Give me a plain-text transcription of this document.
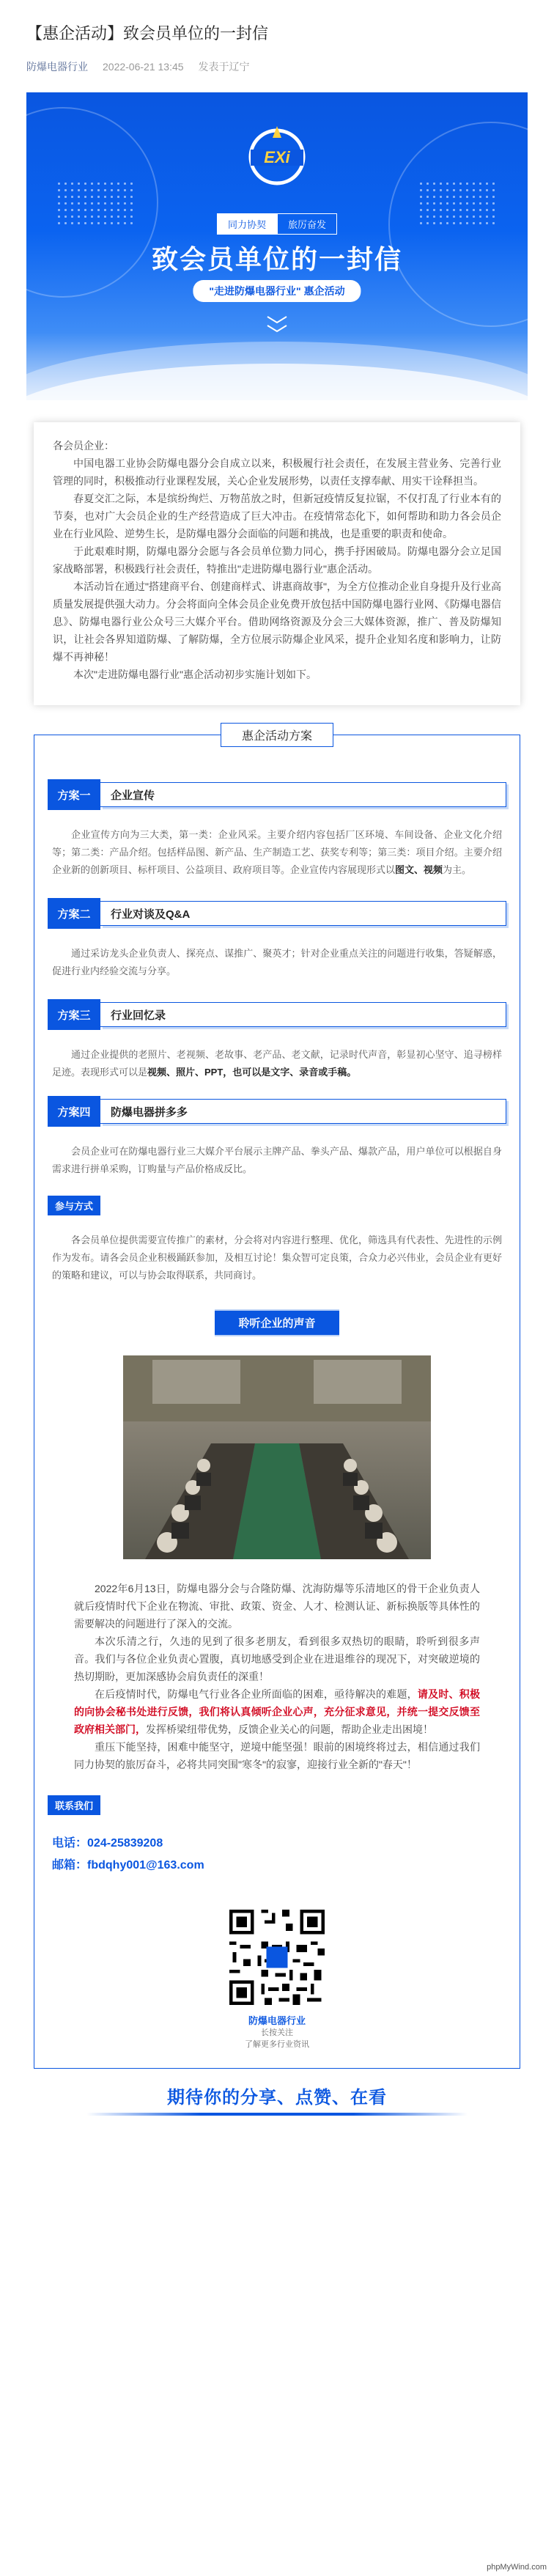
【惠企活动】致会员单位的一封信
防爆电器行业 2022-06-21 13:45 发表于辽宁
EXi
同力协契	旅厉奋发
致会员单位的一封信
"走进防爆电器行业" 惠企活动

各会员企业：

中国电器工业协会防爆电器分会自成立以来，积极履行社会责任，在发展主营业务、完善行业管理的同时，积极推动行业课程发展，关心企业发展形势，以责任支撑奉献、用实干诠释担当。

春夏交汇之际，本是缤纷绚烂、万物茁放之时，但新冠疫情反复拉锯，不仅打乱了行业本有的节奏，也对广大会员企业的生产经营造成了巨大冲击。在疫情常态化下，如何帮助和助力各会员企业在行业风险、逆势生长，是防爆电器分会面临的问题和挑战，也是重要的职责和使命。

于此艰难时期，防爆电器分会愿与各会员单位勠力同心，携手抒困破局。防爆电器分会立足国家战略部署，积极践行社会责任，特推出"走进防爆电器行业"惠企活动。

本活动旨在通过"搭建商平台、创建商样式、讲惠商故事"，为全方位推动企业自身提升及行业高质量发展提供强大动力。分会将面向全体会员企业免费开放包括中国防爆电器行业网、《防爆电器信息》、防爆电器行业公众号三大媒介平台。借助网络资源及分会三大媒体资源，推广、普及防爆知识，让社会各界知道防爆、了解防爆，全方位展示防爆企业风采，提升企业知名度和影响力，让防爆不再神秘！

本次"走进防爆电器行业"惠企活动初步实施计划如下。

惠企活动方案
方案一	企业宣传

企业宣传方向为三大类，第一类：企业风采。主要介绍内容包括厂区环境、车间设备、企业文化介绍等；第二类：产品介绍。包括样品图、新产品、生产制造工艺、获奖专利等；第三类：项目介绍。主要介绍企业新的创新项目、标杆项目、公益项目、政府项目等。企业宣传内容展现形式以图文、视频为主。

方案二	行业对谈及Q&A

通过采访龙头企业负责人、探亮点、谋推广、聚英才；针对企业重点关注的问题进行收集，答疑解惑，促进行业内经验交流与分享。

方案三	行业回忆录

通过企业提供的老照片、老视频、老故事、老产品、老文献，记录时代声音，彰显初心坚守、追寻榜样足迹。表现形式可以是视频、照片、PPT，也可以是文字、录音或手稿。

方案四	防爆电器拼多多

会员企业可在防爆电器行业三大媒介平台展示主牌产品、拳头产品、爆款产品，用户单位可以根据自身需求进行拼单采购，订购量与产品价格成反比。

参与方式

各会员单位提供需要宣传推广的素材，分会将对内容进行整理、优化，筛选具有代表性、先进性的示例作为发布。请各会员企业积极踊跃参加，及相互讨论！集众智可定良策，合众力必兴伟业，会员企业有更好的策略和建议，可以与协会取得联系，共同商讨。

聆听企业的声音

2022年6月13日，防爆电器分会与合隆防爆、沈海防爆等乐清地区的骨干企业负责人就后疫情时代下企业在物流、审批、政策、资金、人才、检测认证、新标换版等具体性的需要解决的问题进行了深入的交流。

本次乐清之行，久违的见到了很多老朋友，看到很多双热切的眼睛，聆听到很多声音。我们与各位企业负责心置腹，真切地感受到企业在进退维谷的现况下，对突破逆境的热切期盼，更加深感协会肩负责任的深重！

在后疫情时代，防爆电气行业各企业所面临的困难，亟待解决的难题，请及时、积极的向协会秘书处进行反馈，我们将认真倾听企业心声，充分征求意见，并统一提交反馈至政府相关部门，发挥桥梁纽带优势，反馈企业关心的问题，帮助企业走出困境！

重压下能坚持，困难中能坚守，逆境中能坚强！眼前的困境终将过去，相信通过我们同力协契的旅厉奋斗，必将共同突围"寒冬"的寂寥，迎接行业全新的"春天"！

联系我们
电话：024-25839208
邮箱：fbdqhy001@163.com
防爆电器行业
长按关注
了解更多行业资讯
期待你的分享、点赞、在看
phpMyWind.com
